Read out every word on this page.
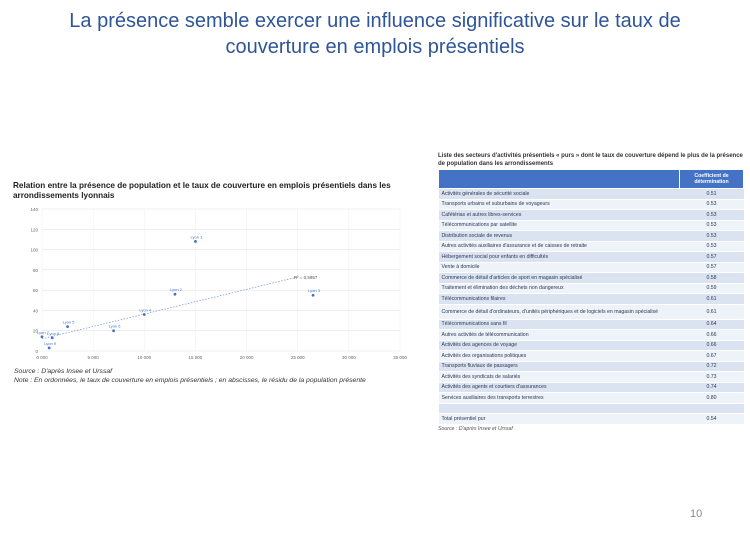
La présence semble exercer une influence significative sur le taux de couverture en emplois présentiels
Relation entre la présence de population et le taux de couverture en emplois présentiels dans les arrondissements lyonnais
R² = 0,5957
Lyon 1
Lyon 2	Lyon 3
Lyon 4
Lyon 5
Lyon 6
Lyon 7
Lyon 8
Lyon 9
0
20
40
60
80
100
120
140
0 000	5 000	10 000	15 000	20 000	25 000	30 000	35 000
Source : D'après Insee et Urssaf
Note : En ordonnées, le taux de couverture en emplois présentiels ; en abscisses, le résidu de la population présente
Liste des secteurs d'activités présentiels « purs » dont le taux de couverture dépend le plus de la présence de population dans les arrondissements
	Coefficient de détermination
Activités générales de sécurité sociale	0.51
Transports urbains et suburbains de voyageurs	0.53
Cafétérias et autres libres-services	0.53
Télécommunications par satellite	0.53
Distribution sociale de revenus	0.53
Autres activités auxiliaires d'assurance et de caisses de retraite	0.53
Hébergement social pour enfants en difficultés	0.57
Vente à domicile	0.57
Commerce de détail d'articles de sport en magasin spécialisé	0.58
Traitement et élimination des déchets non dangereux	0.59
Télécommunications filaires	0.61
Commerce de détail d'ordinateurs, d'unités périphériques et de logiciels en magasin spécialisé	0.61
Télécommunications sans fil	0.64
Autres activités de télécommunication	0.66
Activités des agences de voyage	0.66
Activités des organisations politiques	0.67
Transports fluviaux de passagers	0.72
Activités des syndicats de salariés	0.73
Activités des agents et courtiers d'assurances	0.74
Services auxiliaires des transports terrestres	0.80

Total présentiel pur	0.54
Source : D'après Insee et Urssaf
10
